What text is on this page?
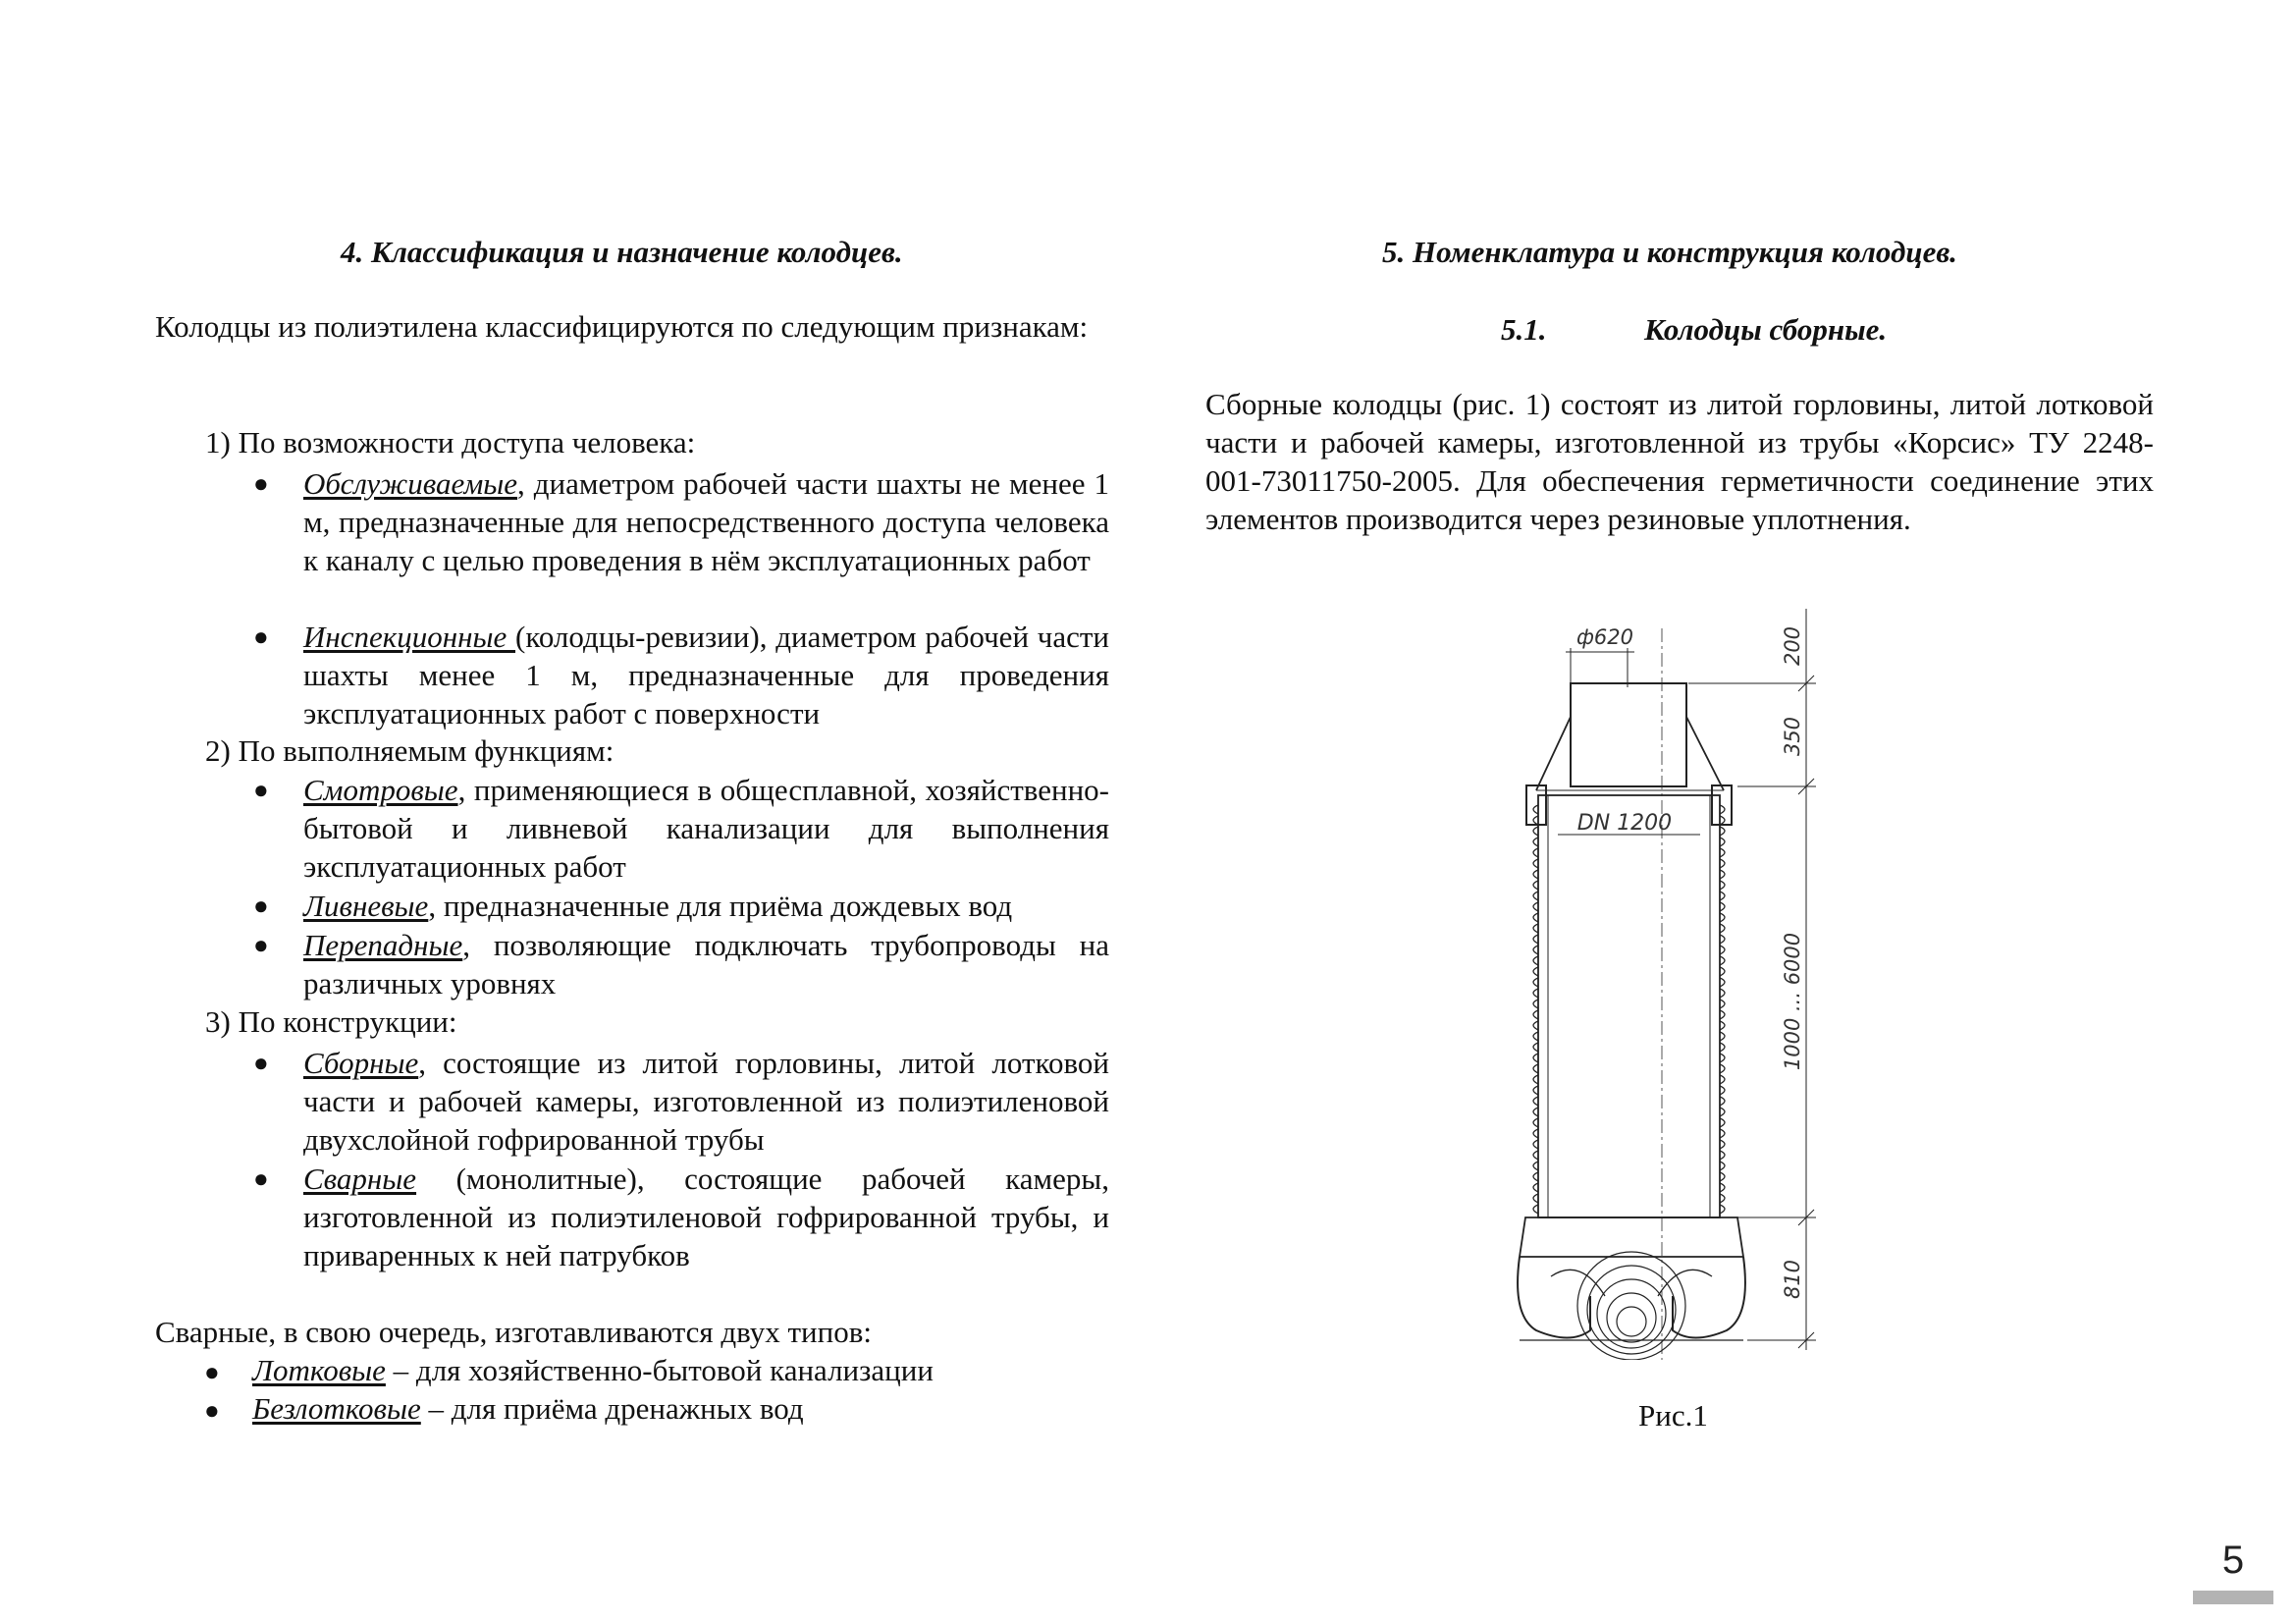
4. Классификация и назначение колодцев.
Колодцы из полиэтилена классифицируются по следующим признакам:
1) По возможности доступа человека:
● Обслуживаемые, диаметром рабочей части шахты не менее 1 м, предназначенные для непосредственного доступа человека к каналу с целью проведения в нём эксплуатационных работ
● Инспекционные (колодцы-ревизии), диаметром рабочей части шахты менее 1 м, предназначенные для проведения эксплуатационных работ с поверхности
2) По выполняемым функциям:
● Смотровые, применяющиеся в общесплавной, хозяйственно-бытовой и ливневой канализации для выполнения эксплуатационных работ
● Ливневые, предназначенные для приёма дождевых вод
● Перепадные, позволяющие подключать трубопроводы на различных уровнях
3) По конструкции:
● Сборные, состоящие из литой горловины, литой лотковой части и рабочей камеры, изготовленной из полиэтиленовой двухслойной гофрированной трубы
● Сварные (монолитные), состоящие рабочей камеры, изготовленной из полиэтиленовой гофрированной трубы, и приваренных к ней патрубков
Сварные, в свою очередь, изготавливаются двух типов:
● Лотковые – для хозяйственно-бытовой канализации
● Безлотковые – для приёма дренажных вод
5. Номенклатура и конструкция колодцев.
5.1.	Колодцы сборные.
Сборные колодцы (рис. 1) состоят из литой горловины, литой лотковой части и рабочей камеры, изготовленной из трубы «Корсис» ТУ 2248-001-73011750-2005. Для обеспечения герметичности соединение этих элементов производится через резиновые уплотнения.
Рис.1
ф620
DN 1200
200
350
1000 ... 6000
810
5
